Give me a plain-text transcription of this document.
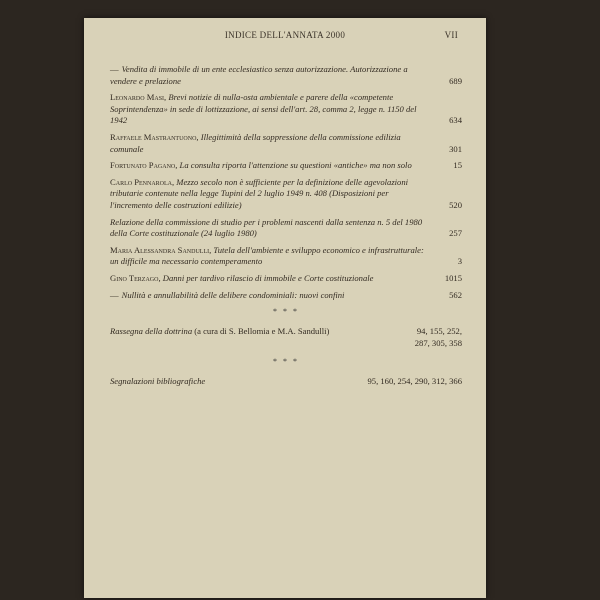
INDICE DELL'ANNATA 2000	VII
— Vendita di immobile di un ente ecclesiastico senza autorizzazione. Autorizzazione a vendere e prelazione	689
Leonardo Masi, Brevi notizie di nulla-osta ambientale e parere della «competente Soprintendenza» in sede di lottizzazione, ai sensi dell'art. 28, comma 2, legge n. 1150 del 1942	634
Raffaele Mastrantuono, Illegittimità della soppressione della commissione edilizia comunale	301
Fortunato Pagano, La consulta riporta l'attenzione su questioni «antiche» ma non solo	15
Carlo Pennarola, Mezzo secolo non è sufficiente per la definizione delle agevolazioni tributarie contenute nella legge Tupini del 2 luglio 1949 n. 408 (Disposizioni per l'incremento delle costruzioni edilizie)	520
Relazione della commissione di studio per i problemi nascenti dalla sentenza n. 5 del 1980 della Corte costituzionale (24 luglio 1980)	257
Maria Alessandra Sandulli, Tutela dell'ambiente e sviluppo economico e infrastrutturale: un difficile ma necessario contemperamento	3
Gino Terzago, Danni per tardivo rilascio di immobile e Corte costituzionale	1015
— Nullità e annullabilità delle delibere condominiali: nuovi confini	562
* * *
Rassegna della dottrina (a cura di S. Bellomia e M.A. Sandulli)	94, 155, 252,
287, 305, 358
* * *
Segnalazioni bibliografiche	95, 160, 254, 290, 312, 366
